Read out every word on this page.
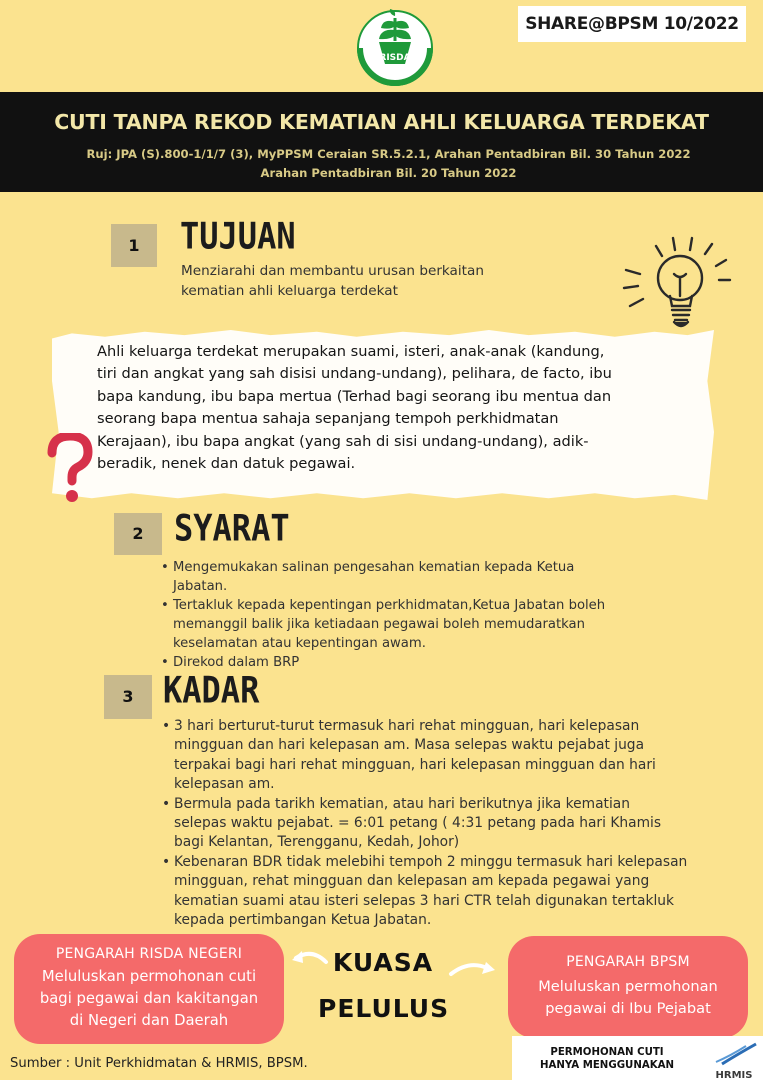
RISDA
SHARE@BPSM 10/2022
CUTI TANPA REKOD KEMATIAN AHLI KELUARGA TERDEKAT
Ruj: JPA (S).800-1/1/7 (3), MyPPSM Ceraian SR.5.2.1, Arahan Pentadbiran Bil. 30 Tahun 2022
Arahan Pentadbiran Bil. 20 Tahun 2022
1	TUJUAN
Menziarahi dan membantu urusan berkaitan
kematian ahli keluarga terdekat
Ahli keluarga terdekat merupakan suami, isteri, anak-anak (kandung,
tiri dan angkat yang sah disisi undang-undang), pelihara, de facto, ibu
bapa kandung, ibu bapa mertua (Terhad bagi seorang ibu mentua dan
seorang bapa mentua sahaja sepanjang tempoh perkhidmatan
Kerajaan), ibu bapa angkat (yang sah di sisi undang-undang), adik-
beradik, nenek dan datuk pegawai.
2 SYARAT
• Mengemukakan salinan pengesahan kematian kepada Ketua
Jabatan.
• Tertakluk kepada kepentingan perkhidmatan,Ketua Jabatan boleh
memanggil balik jika ketiadaan pegawai boleh memudaratkan
keselamatan atau kepentingan awam.
• Direkod dalam BRP
3 KADAR
• 3 hari berturut-turut termasuk hari rehat mingguan, hari kelepasan
mingguan dan hari kelepasan am. Masa selepas waktu pejabat juga
terpakai bagi hari rehat mingguan, hari kelepasan mingguan dan hari
kelepasan am.
• Bermula pada tarikh kematian, atau hari berikutnya jika kematian
selepas waktu pejabat. = 6:01 petang ( 4:31 petang pada hari Khamis
bagi Kelantan, Terengganu, Kedah, Johor)
• Kebenaran BDR tidak melebihi tempoh 2 minggu termasuk hari kelepasan
mingguan, rehat mingguan dan kelepasan am kepada pegawai yang
kematian suami atau isteri selepas 3 hari CTR telah digunakan tertakluk
kepada pertimbangan Ketua Jabatan.
PENGARAH RISDA NEGERI
Meluluskan permohonan cuti
bagi pegawai dan kakitangan
di Negeri dan Daerah
KUASA
PELULUS
PENGARAH BPSM
Meluluskan permohonan
pegawai di Ibu Pejabat
Sumber : Unit Perkhidmatan & HRMIS, BPSM.
PERMOHONAN CUTI
HANYA MENGGUNAKAN
HRMIS
